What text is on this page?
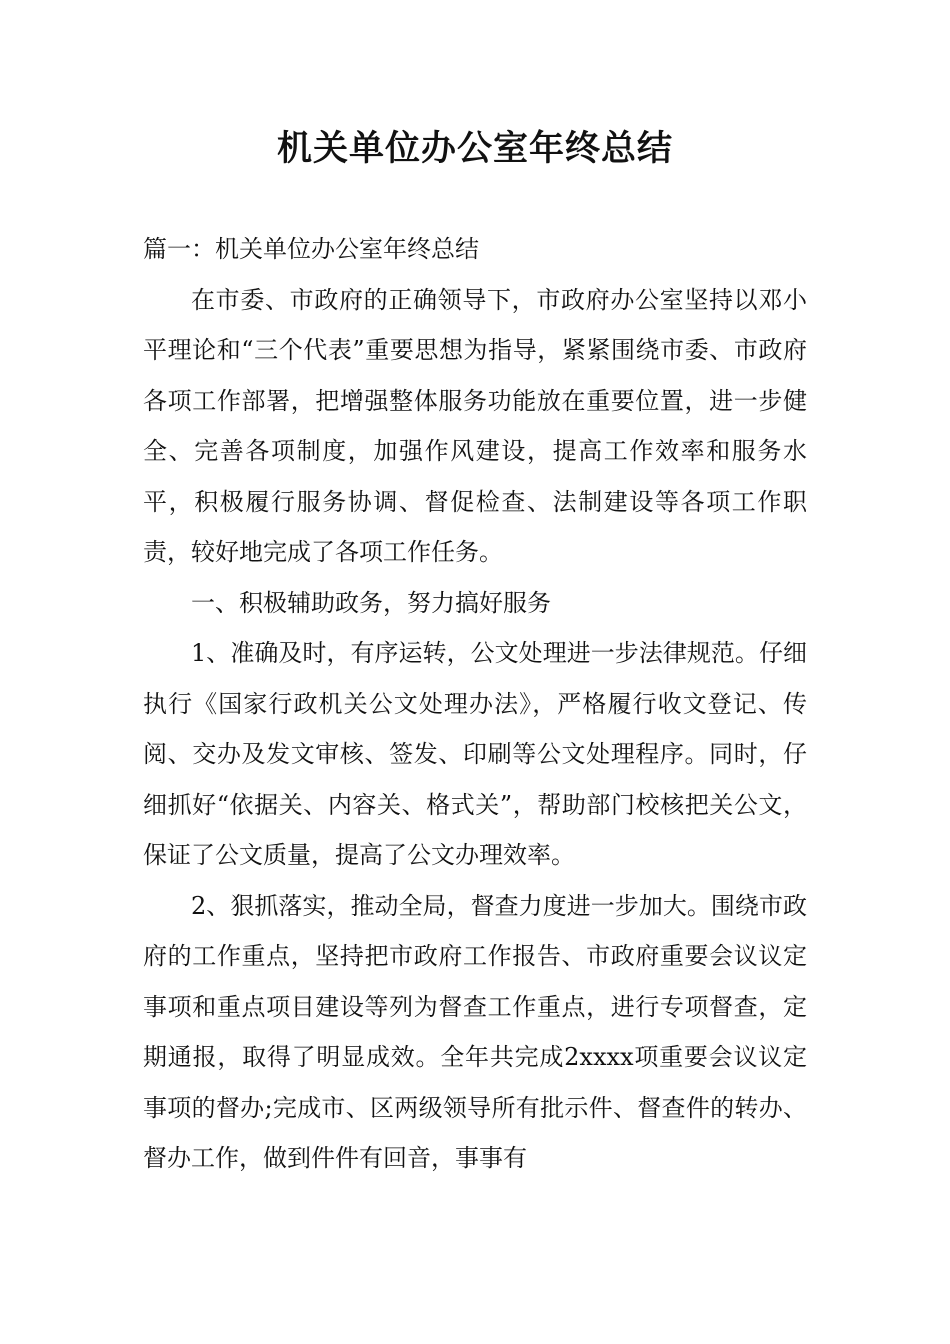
机关单位办公室年终总结

篇一：机关单位办公室年终总结

在市委、市政府的正确领导下，市政府办公室坚持以邓小平理论和“三个代表”重要思想为指导，紧紧围绕市委、市政府各项工作部署，把增强整体服务功能放在重要位置，进一步健全、完善各项制度，加强作风建设，提高工作效率和服务水平，积极履行服务协调、督促检查、法制建设等各项工作职责，较好地完成了各项工作任务。

一、积极辅助政务，努力搞好服务

1、准确及时，有序运转，公文处理进一步法律规范。仔细执行《国家行政机关公文处理办法》，严格履行收文登记、传阅、交办及发文审核、签发、印刷等公文处理程序。同时，仔细抓好“依据关、内容关、格式关”，帮助部门校核把关公文，保证了公文质量，提高了公文办理效率。

2、狠抓落实，推动全局，督查力度进一步加大。围绕市政府的工作重点，坚持把市政府工作报告、市政府重要会议议定事项和重点项目建设等列为督查工作重点，进行专项督查，定期通报，取得了明显成效。全年共完成2xxxx项重要会议议定事项的督办;完成市、区两级领导所有批示件、督查件的转办、督办工作，做到件件有回音，事事有
